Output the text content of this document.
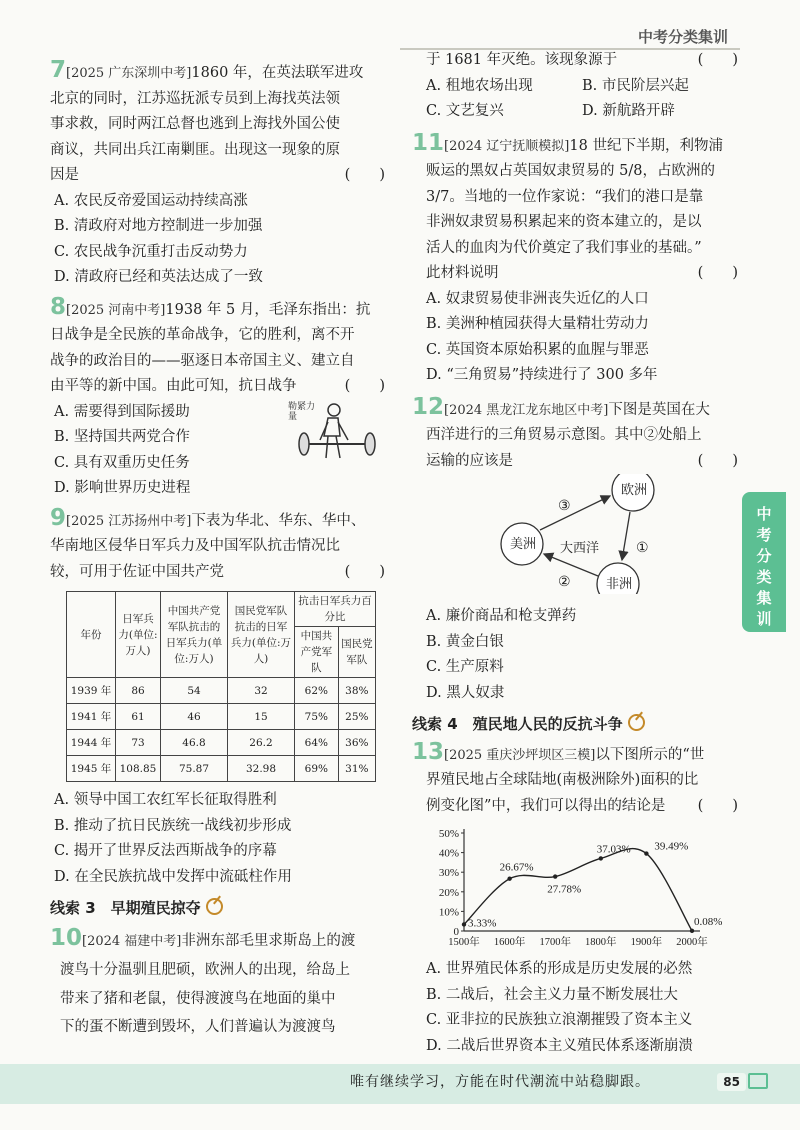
中考分类集训

7[2025 广东深圳中考]1860 年，在英法联军进攻

北京的同时，江苏巡抚派专员到上海找英法领

事求救，同时两江总督也逃到上海找外国公使

商议，共同出兵江南剿匪。出现这一现象的原

因是	(　　)

A. 农民反帝爱国运动持续高涨

B. 清政府对地方控制进一步加强

C. 农民战争沉重打击反动势力

D. 清政府已经和英法达成了一致

8[2025 河南中考]1938 年 5 月，毛泽东指出：抗

日战争是全民族的革命战争，它的胜利，离不开

战争的政治目的——驱逐日本帝国主义、建立自

由平等的新中国。由此可知，抗日战争	(　　)

A. 需要得到国际援助

B. 坚持国共两党合作

C. 具有双重历史任务

D. 影响世界历史进程

勒紧力量

9[2025 江苏扬州中考]下表为华北、华东、华中、

华南地区侵华日军兵力及中国军队抗击情况比

较，可用于佐证中国共产党	(　　)

年份	日军兵力(单位:万人)	中国共产党军队抗击的日军兵力(单位:万人)	国民党军队抗击的日军兵力(单位:万人)	抗击日军兵力百分比	
				中国共产党军队	国民党军队
1939 年	86	54	32	62%	38%
1941 年	61	46	15	75%	25%
1944 年	73	46.8	26.2	64%	36%
1945 年	108.85	75.87	32.98	69%	31%

A. 领导中国工农红军长征取得胜利

B. 推动了抗日民族统一战线初步形成

C. 揭开了世界反法西斯战争的序幕

D. 在全民族抗战中发挥中流砥柱作用

线索 3　早期殖民掠夺

10[2024 福建中考]非洲东部毛里求斯岛上的渡

渡鸟十分温驯且肥硕，欧洲人的出现，给岛上

带来了猪和老鼠，使得渡渡鸟在地面的巢中

下的蛋不断遭到毁坏，人们普遍认为渡渡鸟

于 1681 年灭绝。该现象源于	(　　)

A. 租地农场出现	B. 市民阶层兴起

C. 文艺复兴	D. 新航路开辟

11[2024 辽宁抚顺模拟]18 世纪下半期，利物浦

贩运的黑奴占英国奴隶贸易的 5/8，占欧洲的

3/7。当地的一位作家说：“我们的港口是靠

非洲奴隶贸易积累起来的资本建立的，是以

活人的血肉为代价奠定了我们事业的基础。”

此材料说明	(　　)

A. 奴隶贸易使非洲丧失近亿的人口

B. 美洲种植园获得大量精壮劳动力

C. 英国资本原始积累的血腥与罪恶

D. “三角贸易”持续进行了 300 多年

12[2024 黑龙江龙东地区中考]下图是英国在大

西洋进行的三角贸易示意图。其中②处船上

运输的应该是	(　　)

美洲
欧洲
非洲
大西洋	①
②
③

A. 廉价商品和枪支弹药

B. 黄金白银

C. 生产原料

D. 黑人奴隶

线索 4　殖民地人民的反抗斗争

13[2025 重庆沙坪坝区三模]以下图所示的“世

界殖民地占全球陆地(南极洲除外)面积的比

例变化图”中，我们可以得出的结论是 (　　)

0
10%
20%
30%
40%
50%
1500年 1600年 1700年 1800年 1900年 2000年
3.33%
26.67%
27.78%
37.03% 39.49%
0.08%

A. 世界殖民体系的形成是历史发展的必然

B. 二战后，社会主义力量不断发展壮大

C. 亚非拉的民族独立浪潮摧毁了资本主义

D. 二战后世界资本主义殖民体系逐渐崩溃

中考分类集训
唯有继续学习，方能在时代潮流中站稳脚跟。	85
